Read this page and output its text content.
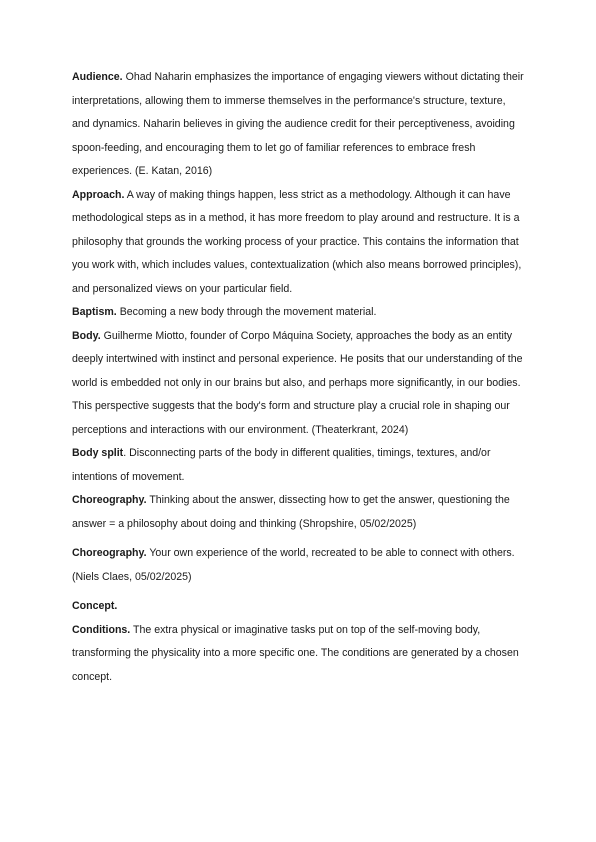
Audience. Ohad Naharin emphasizes the importance of engaging viewers without dictating their interpretations, allowing them to immerse themselves in the performance's structure, texture, and dynamics. Naharin believes in giving the audience credit for their perceptiveness, avoiding spoon-feeding, and encouraging them to let go of familiar references to embrace fresh experiences. (E. Katan, 2016)

Approach. A way of making things happen, less strict as a methodology. Although it can have methodological steps as in a method, it has more freedom to play around and restructure. It is a philosophy that grounds the working process of your practice. This contains the information that you work with, which includes values, contextualization (which also means borrowed principles), and personalized views on your particular field.

Baptism. Becoming a new body through the movement material.

Body. Guilherme Miotto, founder of Corpo Máquina Society, approaches the body as an entity deeply intertwined with instinct and personal experience. He posits that our understanding of the world is embedded not only in our brains but also, and perhaps more significantly, in our bodies. This perspective suggests that the body's form and structure play a crucial role in shaping our perceptions and interactions with our environment. (Theaterkrant, 2024)

Body split. Disconnecting parts of the body in different qualities, timings, textures, and/or intentions of movement.

Choreography. Thinking about the answer, dissecting how to get the answer, questioning the answer = a philosophy about doing and thinking (Shropshire, 05/02/2025)

Choreography. Your own experience of the world, recreated to be able to connect with others. (Niels Claes, 05/02/2025)

Concept.

Conditions. The extra physical or imaginative tasks put on top of the self-moving body, transforming the physicality into a more specific one. The conditions are generated by a chosen concept.
